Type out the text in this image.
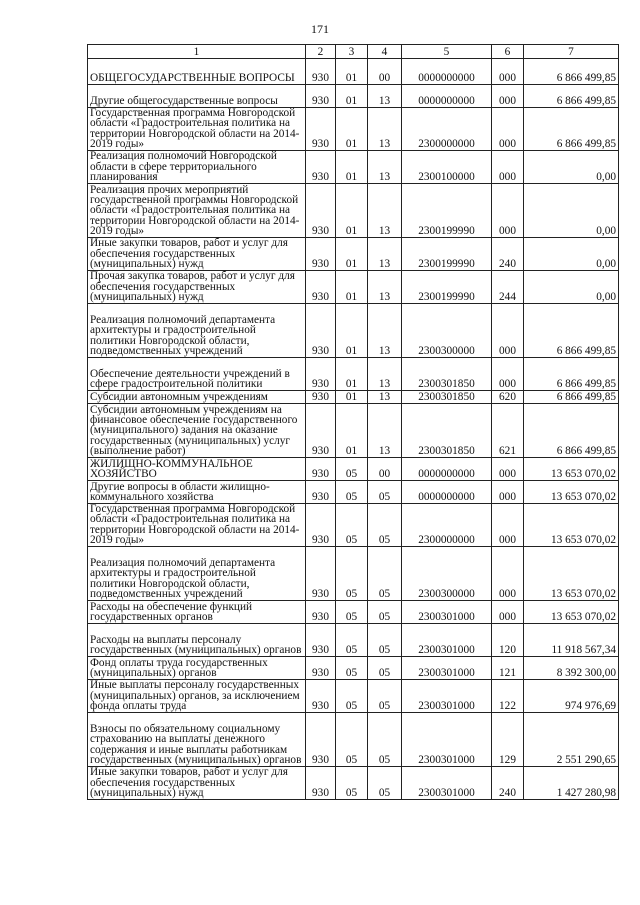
171
1	2	3	4	5	6	7
ОБЩЕГОСУДАРСТВЕННЫЕ ВОПРОСЫ	930	01	00	0000000000	000	6 866 499,85
Другие общегосударственные вопросы	930	01	13	0000000000	000	6 866 499,85
Государственная программа Новгородской области «Градостроительная политика на территории Новгородской области на 2014-2019 годы»	930	01	13	2300000000	000	6 866 499,85
Реализация полномочий Новгородской области в сфере территориального планирования	930	01	13	2300100000	000	0,00
Реализация прочих мероприятий государственной программы Новгородской области «Градостроительная политика на территории Новгородской области на 2014-2019 годы»	930	01	13	2300199990	000	0,00
Иные закупки товаров, работ и услуг для обеспечения государственных (муниципальных) нужд	930	01	13	2300199990	240	0,00
Прочая закупка товаров, работ и услуг для обеспечения государственных (муниципальных) нужд	930	01	13	2300199990	244	0,00
Реализация полномочий департамента архитектуры и градостроительной политики Новгородской области, подведомственных учреждений	930	01	13	2300300000	000	6 866 499,85
Обеспечение деятельности учреждений в сфере градостроительной политики	930	01	13	2300301850	000	6 866 499,85
Субсидии автономным учреждениям	930	01	13	2300301850	620	6 866 499,85
Субсидии автономным учреждениям на финансовое обеспечение государственного (муниципального) задания на оказание государственных (муниципальных) услуг (выполнение работ)	930	01	13	2300301850	621	6 866 499,85
ЖИЛИЩНО-КОММУНАЛЬНОЕ ХОЗЯЙСТВО	930	05	00	0000000000	000	13 653 070,02
Другие вопросы в области жилищно-коммунального хозяйства	930	05	05	0000000000	000	13 653 070,02
Государственная программа Новгородской области «Градостроительная политика на территории Новгородской области на 2014-2019 годы»	930	05	05	2300000000	000	13 653 070,02
Реализация полномочий департамента архитектуры и градостроительной политики Новгородской области, подведомственных учреждений	930	05	05	2300300000	000	13 653 070,02
Расходы на обеспечение функций государственных органов	930	05	05	2300301000	000	13 653 070,02
Расходы на выплаты персоналу государственных (муниципальных) органов	930	05	05	2300301000	120	11 918 567,34
Фонд оплаты труда государственных (муниципальных) органов	930	05	05	2300301000	121	8 392 300,00
Иные выплаты персоналу государственных (муниципальных) органов, за исключением фонда оплаты труда	930	05	05	2300301000	122	974 976,69
Взносы по обязательному социальному страхованию на выплаты денежного содержания и иные выплаты работникам государственных (муниципальных) органов	930	05	05	2300301000	129	2 551 290,65
Иные закупки товаров, работ и услуг для обеспечения государственных (муниципальных) нужд	930	05	05	2300301000	240	1 427 280,98
